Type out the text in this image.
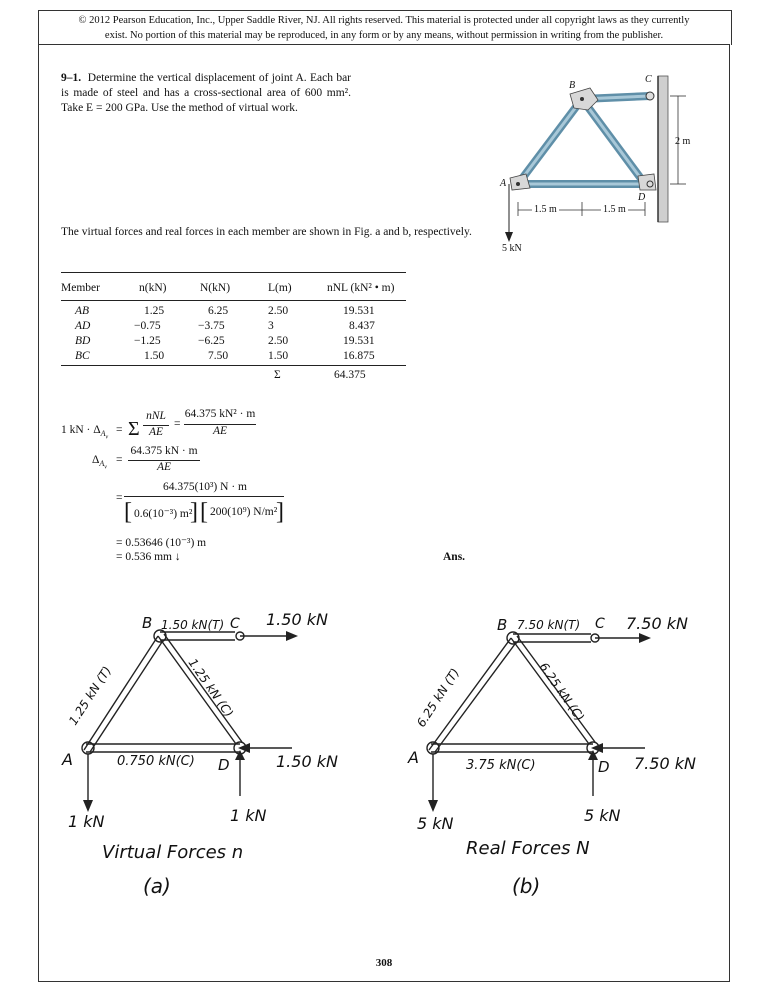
© 2012 Pearson Education, Inc., Upper Saddle River, NJ. All rights reserved. This material is protected under all copyright laws as they currently
exist. No portion of this material may be reproduced, in any form or by any means, without permission in writing from the publisher.
9–1. Determine the vertical displacement of joint A. Each bar is made of steel and has a cross-sectional area of 600 mm². Take E = 200 GPa. Use the method of virtual work.
B
C
A
D
2 m
1.5 m	1.5 m
5 kN
The virtual forces and real forces in each member are shown in Fig. a and b, respectively.
Member	n(kN)	N(kN)	L(m)	nNL (kN² • m)
AB	1.25	6.25	2.50	19.531
AD	−0.75	−3.75	3	8.437
BD	−1.25	−6.25	2.50	19.531
BC	1.50	7.50	1.50	16.875
Σ	64.375
1 kN · $\Delta_{A_v}$
= Σ
nNL
AE
=
64.375 kN² · m
AE
$\Delta_{A_v}$
=
64.375 kN · m
AE
=
64.375(10³) N · m
[ 0.6(10⁻³) m²
] [ 200(10⁹) N/m²
]
= 0.53646 (10⁻³) m
= 0.536 mm ↓	Ans.
B 1.50 kN(T) C 1.50 kN
1.25 kN (T)	1.25 kN (C)
A	0.750 kN(C) D	1.50 kN
1 kN	1 kN
Virtual Forces n
(a)
B 7.50 kN(T) C 7.50 kN
6.25 kN (T)	6.25 kN (C)
A	3.75 kN(C)	D 7.50 kN
5 kN	5 kN
Real Forces N
(b)
308
